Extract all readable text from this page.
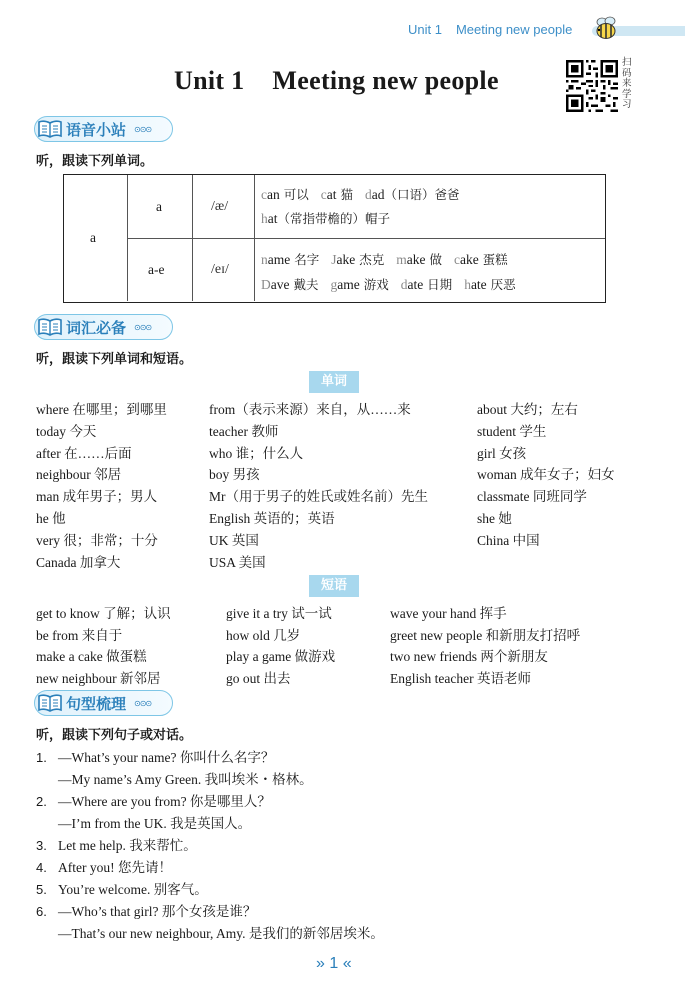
Unit 1 Meeting new people
Unit 1 Meeting new people
扫码来学习
语音小站 ⊙⊙⊙
听，跟读下列单词。
a
a	/æ/
can 可以 cat 猫 dad（口语）爸爸
hat（常指带檐的）帽子
a-e	/eɪ/
name 名字 Jake 杰克 make 做 cake 蛋糕
Dave 戴夫 game 游戏 date 日期 hate 厌恶
词汇必备 ⊙⊙⊙
听，跟读下列单词和短语。
单词
where 在哪里；到哪里
today 今天
after 在……后面
neighbour 邻居
man 成年男子；男人
he 他
very 很；非常；十分
Canada 加拿大
from（表示来源）来自，从……来
teacher 教师
who 谁；什么人
boy 男孩
Mr（用于男子的姓氏或姓名前）先生
English 英语的；英语
UK 英国
USA 美国
about 大约；左右
student 学生
girl 女孩
woman 成年女子；妇女
classmate 同班同学
she 她
China 中国
短语
get to know 了解；认识
be from 来自于
make a cake 做蛋糕
new neighbour 新邻居
give it a try 试一试
how old 几岁
play a game 做游戏
go out 出去
wave your hand 挥手
greet new people 和新朋友打招呼
two new friends 两个新朋友
English teacher 英语老师
句型梳理 ⊙⊙⊙
听，跟读下列句子或对话。
1. —What’s your name? 你叫什么名字？
—My name’s Amy Green. 我叫埃米・格林。
2. —Where are you from? 你是哪里人？
—I’m from the UK. 我是英国人。
3. Let me help. 我来帮忙。
4. After you! 您先请！
5. You’re welcome. 别客气。
6. —Who’s that girl? 那个女孩是谁？
—That’s our new neighbour, Amy. 是我们的新邻居埃米。
» 1 «
